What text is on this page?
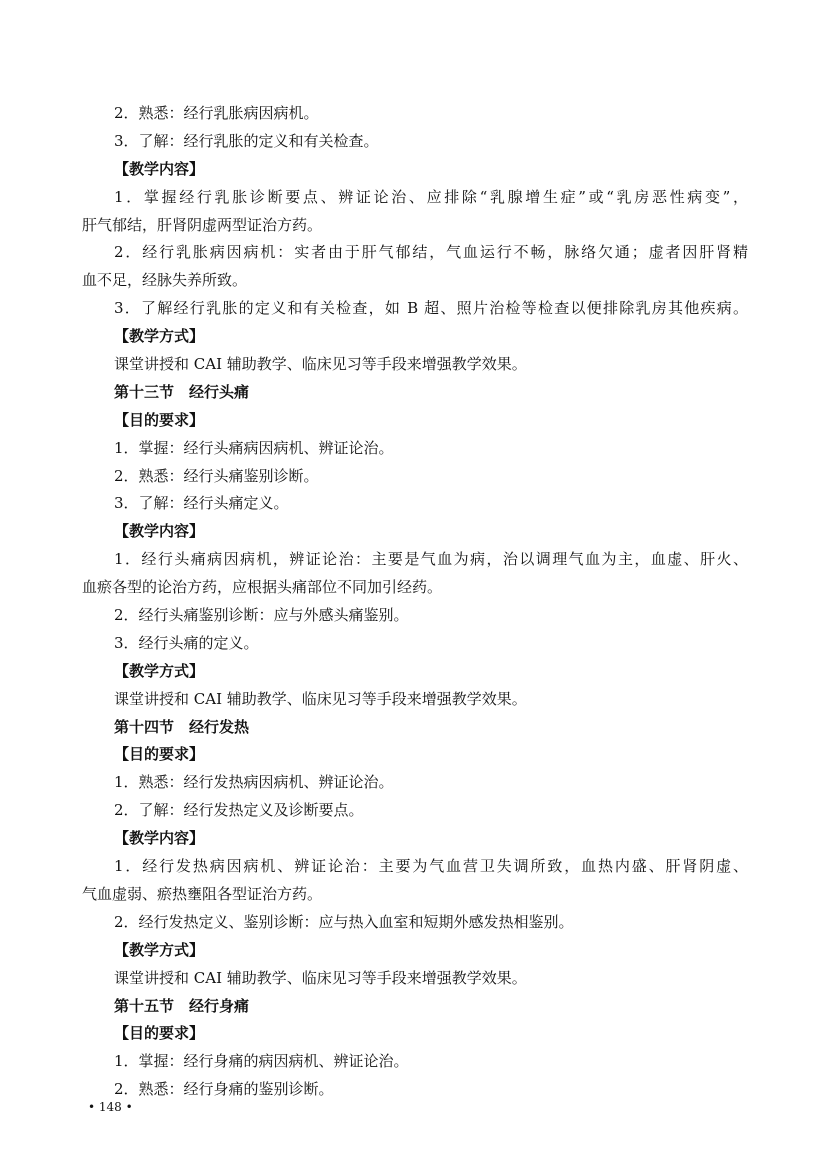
2．熟悉：经行乳胀病因病机。
3．了解：经行乳胀的定义和有关检查。
【教学内容】
1．掌握经行乳胀诊断要点、辨证论治、应排除“乳腺增生症”或“乳房恶性病变”，
肝气郁结，肝肾阴虚两型证治方药。
2．经行乳胀病因病机：实者由于肝气郁结，气血运行不畅，脉络欠通；虚者因肝肾精
血不足，经脉失养所致。
3．了解经行乳胀的定义和有关检查，如 B 超、照片治检等检查以便排除乳房其他疾病。
【教学方式】
课堂讲授和 CAI 辅助教学、临床见习等手段来增强教学效果。
第十三节　经行头痛
【目的要求】
1．掌握：经行头痛病因病机、辨证论治。
2．熟悉：经行头痛鉴别诊断。
3．了解：经行头痛定义。
【教学内容】
1．经行头痛病因病机，辨证论治：主要是气血为病，治以调理气血为主，血虚、肝火、
血瘀各型的论治方药，应根据头痛部位不同加引经药。
2．经行头痛鉴别诊断：应与外感头痛鉴别。
3．经行头痛的定义。
【教学方式】
课堂讲授和 CAI 辅助教学、临床见习等手段来增强教学效果。
第十四节　经行发热
【目的要求】
1．熟悉：经行发热病因病机、辨证论治。
2．了解：经行发热定义及诊断要点。
【教学内容】
1．经行发热病因病机、辨证论治：主要为气血营卫失调所致，血热内盛、肝肾阴虚、
气血虚弱、瘀热壅阻各型证治方药。
2．经行发热定义、鉴别诊断：应与热入血室和短期外感发热相鉴别。
【教学方式】
课堂讲授和 CAI 辅助教学、临床见习等手段来增强教学效果。
第十五节　经行身痛
【目的要求】
1．掌握：经行身痛的病因病机、辨证论治。
2．熟悉：经行身痛的鉴别诊断。
• 148 •
